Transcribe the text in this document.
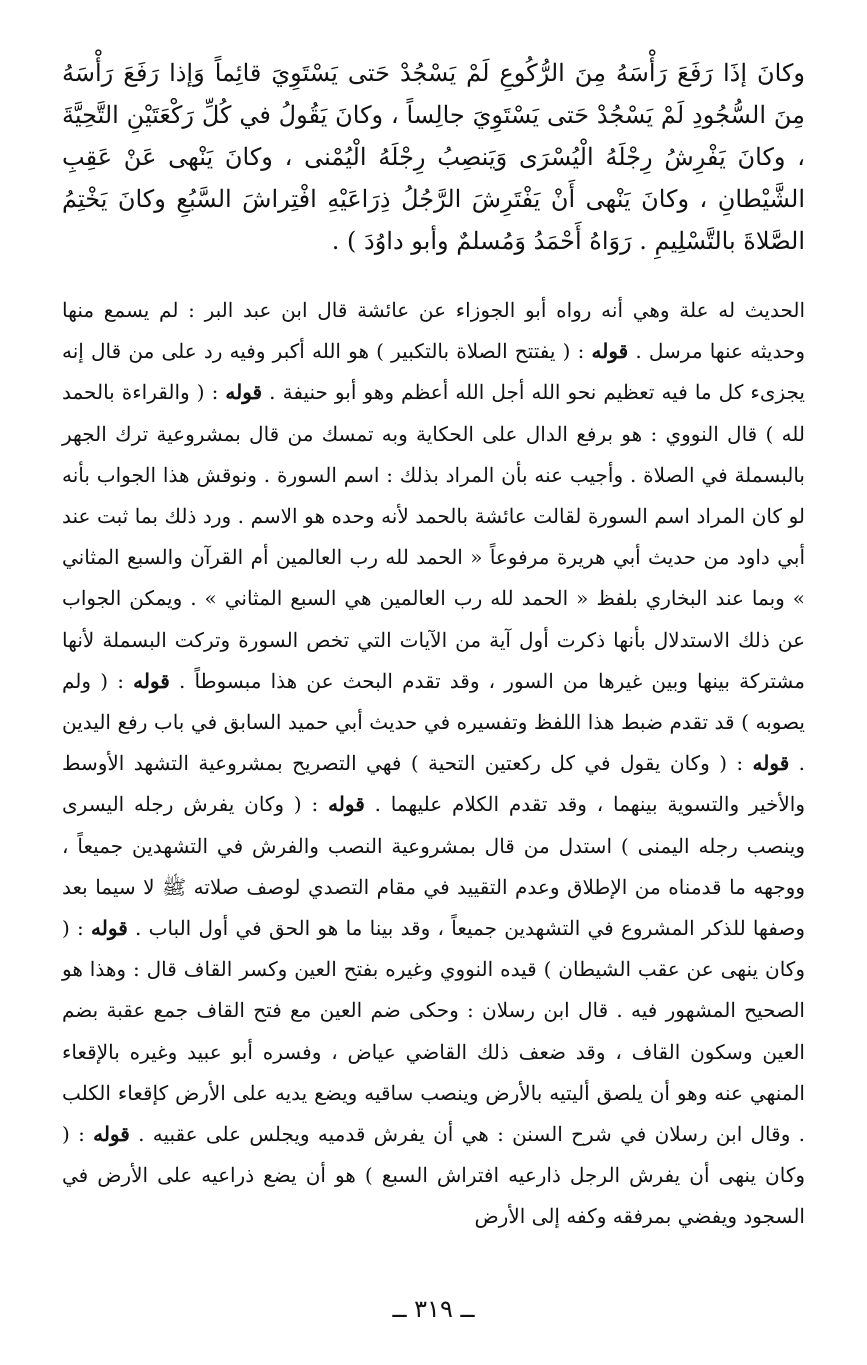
وكانَ إذَا رَفَعَ رَأْسَهُ مِنَ الرُّكُوعِ لَمْ يَسْجُدْ حَتى يَسْتَوِيَ قائِماً وَإذا رَفَعَ رَأْسَهُ مِنَ السُّجُودِ لَمْ يَسْجُدْ حَتى يَسْتَوِيَ جالِساً ، وكانَ يَقُولُ في كُلِّ رَكْعَتَيْنِ التَّحِيَّةَ ، وكانَ يَفْرِشُ رِجْلَهُ الْيُسْرَى وَيَنصِبُ رِجْلَهُ الْيُمْنى ، وكانَ يَنْهى عَنْ عَقِبِ الشَّيْطانِ ، وكانَ يَنْهى أَنْ يَفْتَرِشَ الرَّجُلُ ذِرَاعَيْهِ افْتِراشَ السَّبُعِ وكانَ يَخْتِمُ الصَّلاةَ بالتَّسْلِيمِ . رَوَاهُ أَحْمَدُ وَمُسلمٌ وأبو داوُدَ ) .

الحديث له علة وهي أنه رواه أبو الجوزاء عن عائشة قال ابن عبد البر : لم يسمع منها وحديثه عنها مرسل . قوله : ( يفتتح الصلاة بالتكبير ) هو الله أكبر وفيه رد على من قال إنه يجزىء كل ما فيه تعظيم نحو الله أجل الله أعظم وهو أبو حنيفة . قوله : ( والقراءة بالحمد لله ) قال النووي : هو برفع الدال على الحكاية وبه تمسك من قال بمشروعية ترك الجهر بالبسملة في الصلاة . وأجيب عنه بأن المراد بذلك : اسم السورة . ونوقش هذا الجواب بأنه لو كان المراد اسم السورة لقالت عائشة بالحمد لأنه وحده هو الاسم . ورد ذلك بما ثبت عند أبي داود من حديث أبي هريرة مرفوعاً « الحمد لله رب العالمين أم القرآن والسبع المثاني » وبما عند البخاري بلفظ « الحمد لله رب العالمين هي السبع المثاني » . ويمكن الجواب عن ذلك الاستدلال بأنها ذكرت أول آية من الآيات التي تخص السورة وتركت البسملة لأنها مشتركة بينها وبين غيرها من السور ، وقد تقدم البحث عن هذا مبسوطاً . قوله : ( ولم يصوبه ) قد تقدم ضبط هذا اللفظ وتفسيره في حديث أبي حميد السابق في باب رفع اليدين . قوله : ( وكان يقول في كل ركعتين التحية ) فهي التصريح بمشروعية التشهد الأوسط والأخير والتسوية بينهما ، وقد تقدم الكلام عليهما . قوله : ( وكان يفرش رجله اليسرى وينصب رجله اليمنى ) استدل من قال بمشروعية النصب والفرش في التشهدين جميعاً ، ووجهه ما قدمناه من الإطلاق وعدم التقييد في مقام التصدي لوصف صلاته ﷺ لا سيما بعد وصفها للذكر المشروع في التشهدين جميعاً ، وقد بينا ما هو الحق في أول الباب . قوله : ( وكان ينهى عن عقب الشيطان ) قيده النووي وغيره بفتح العين وكسر القاف قال : وهذا هو الصحيح المشهور فيه . قال ابن رسلان : وحكى ضم العين مع فتح القاف جمع عقبة بضم العين وسكون القاف ، وقد ضعف ذلك القاضي عياض ، وفسره أبو عبيد وغيره بالإقعاء المنهي عنه وهو أن يلصق أليتيه بالأرض وينصب ساقيه ويضع يديه على الأرض كإقعاء الكلب . وقال ابن رسلان في شرح السنن : هي أن يفرش قدميه ويجلس على عقبيه . قوله : ( وكان ينهى أن يفرش الرجل ذارعيه افتراش السبع ) هو أن يضع ذراعيه على الأرض في السجود ويفضي بمرفقه وكفه إلى الأرض

ــ ٣١٩ ــ
